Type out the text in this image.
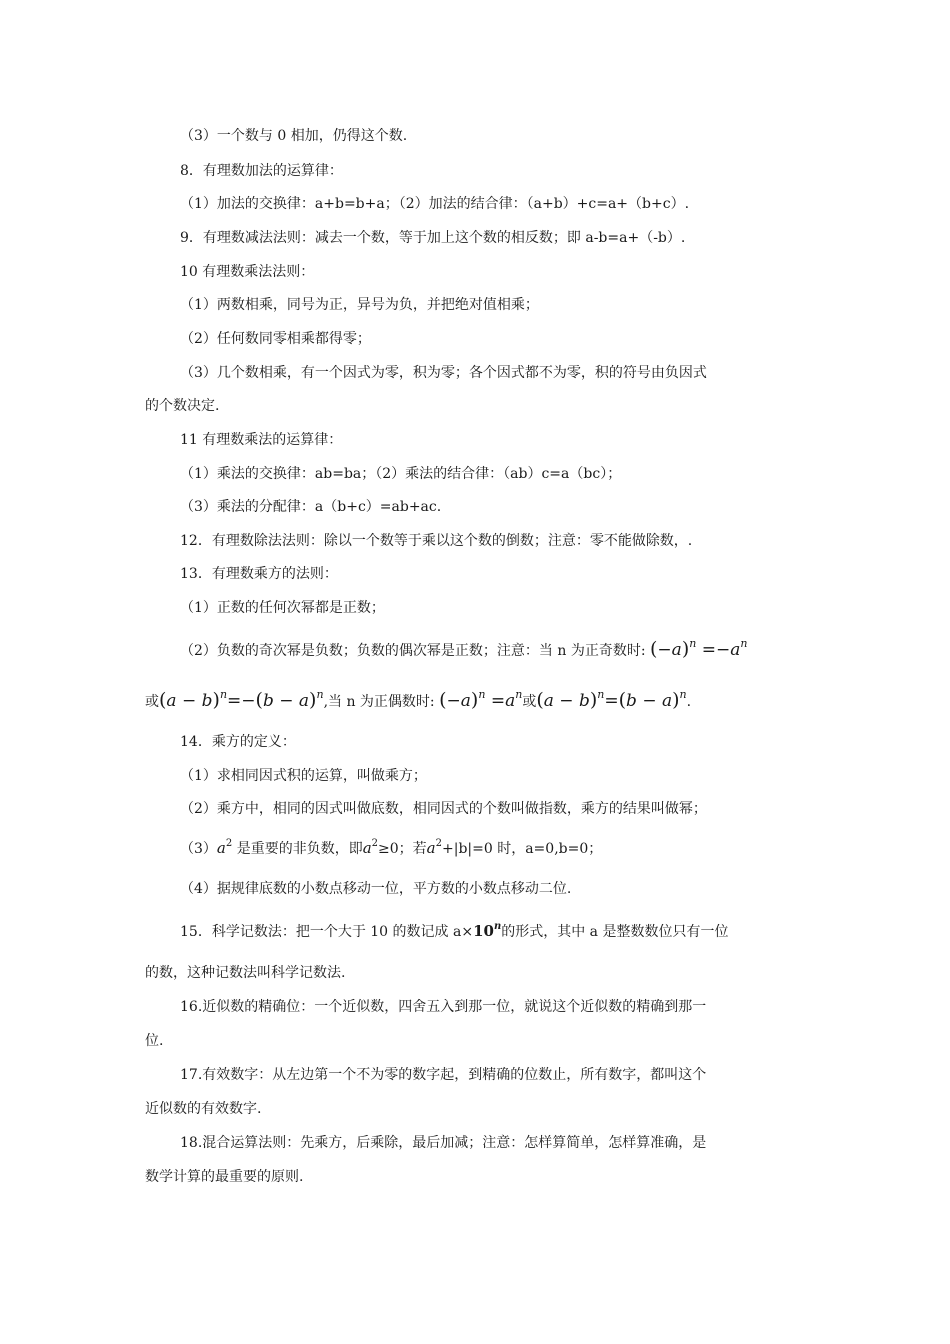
（3）一个数与 0 相加，仍得这个数.
8．有理数加法的运算律：
（1）加法的交换律：a+b=b+a；（2）加法的结合律：（a+b）+c=a+（b+c）.
9．有理数减法法则：减去一个数，等于加上这个数的相反数；即 a-b=a+（-b）.
10 有理数乘法法则：
（1）两数相乘，同号为正，异号为负，并把绝对值相乘；
（2）任何数同零相乘都得零；
（3）几个数相乘，有一个因式为零，积为零；各个因式都不为零，积的符号由负因式
的个数决定.
11 有理数乘法的运算律：
（1）乘法的交换律：ab=ba；（2）乘法的结合律：（ab）c=a（bc）；
（3）乘法的分配律：a（b+c）=ab+ac.
12．有理数除法法则：除以一个数等于乘以这个数的倒数；注意：零不能做除数，.
13．有理数乘方的法则：
（1）正数的任何次幂都是正数；
（2）负数的奇次幂是负数；负数的偶次幂是正数；注意：当 n 为正奇数时: $(-a)^n =-a^n$
或$(a - b)^n=-(b - a)^n$,当 n 为正偶数时: $(-a)^n =a^n$或$(a - b)^n=(b - a)^n$.
14．乘方的定义：
（1）求相同因式积的运算，叫做乘方；
（2）乘方中，相同的因式叫做底数，相同因式的个数叫做指数，乘方的结果叫做幂；
$(3)a^2$ 是重要的非负数，即$a^2\ge 0$；若$a^2+|b|=0$ 时，a=0,b=0；
（4）据规律底数的小数点移动一位，平方数的小数点移动二位.
15．科学记数法：把一个大于 10 的数记成 $a\times 10^n$的形式，其中 a 是整数数位只有一位
的数，这种记数法叫科学记数法.
16.近似数的精确位：一个近似数，四舍五入到那一位，就说这个近似数的精确到那一
位.
17.有效数字：从左边第一个不为零的数字起，到精确的位数止，所有数字，都叫这个
近似数的有效数字.
18.混合运算法则：先乘方，后乘除，最后加减；注意：怎样算简单，怎样算准确，是
数学计算的最重要的原则.
